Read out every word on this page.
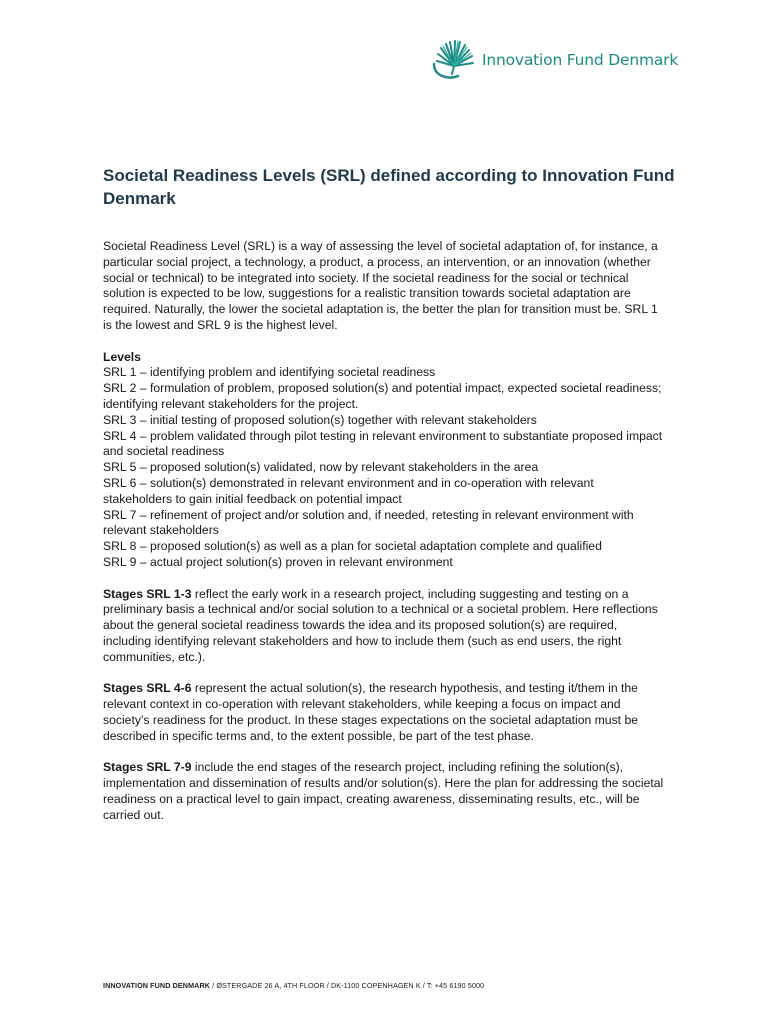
Innovation Fund Denmark
Societal Readiness Levels (SRL) defined according to Innovation Fund Denmark

Societal Readiness Level (SRL) is a way of assessing the level of societal adaptation of, for instance, a particular social project, a technology, a product, a process, an intervention, or an innovation (whether social or technical) to be integrated into society. If the societal readiness for the social or technical solution is expected to be low, suggestions for a realistic transition towards societal adaptation are required. Naturally, the lower the societal adaptation is, the better the plan for transition must be. SRL 1 is the lowest and SRL 9 is the highest level.

Levels

SRL 1 – identifying problem and identifying societal readiness

SRL 2 – formulation of problem, proposed solution(s) and potential impact, expected societal readiness; identifying relevant stakeholders for the project.

SRL 3 – initial testing of proposed solution(s) together with relevant stakeholders

SRL 4 – problem validated through pilot testing in relevant environment to substantiate proposed impact and societal readiness

SRL 5 – proposed solution(s) validated, now by relevant stakeholders in the area

SRL 6 – solution(s) demonstrated in relevant environment and in co-operation with relevant stakeholders to gain initial feedback on potential impact

SRL 7 – refinement of project and/or solution and, if needed, retesting in relevant environment with relevant stakeholders

SRL 8 – proposed solution(s) as well as a plan for societal adaptation complete and qualified

SRL 9 – actual project solution(s) proven in relevant environment

Stages SRL 1-3 reflect the early work in a research project, including suggesting and testing on a preliminary basis a technical and/or social solution to a technical or a societal problem. Here reflections about the general societal readiness towards the idea and its proposed solution(s) are required, including identifying relevant stakeholders and how to include them (such as end users, the right communities, etc.).

Stages SRL 4-6 represent the actual solution(s), the research hypothesis, and testing it/them in the relevant context in co-operation with relevant stakeholders, while keeping a focus on impact and society’s readiness for the product. In these stages expectations on the societal adaptation must be described in specific terms and, to the extent possible, be part of the test phase.

Stages SRL 7-9 include the end stages of the research project, including refining the solution(s), implementation and dissemination of results and/or solution(s). Here the plan for addressing the societal readiness on a practical level to gain impact, creating awareness, disseminating results, etc., will be carried out.

INNOVATION FUND DENMARK / ØSTERGADE 26 A, 4TH FLOOR / DK-1100 COPENHAGEN K / T: +45 6190 5000
